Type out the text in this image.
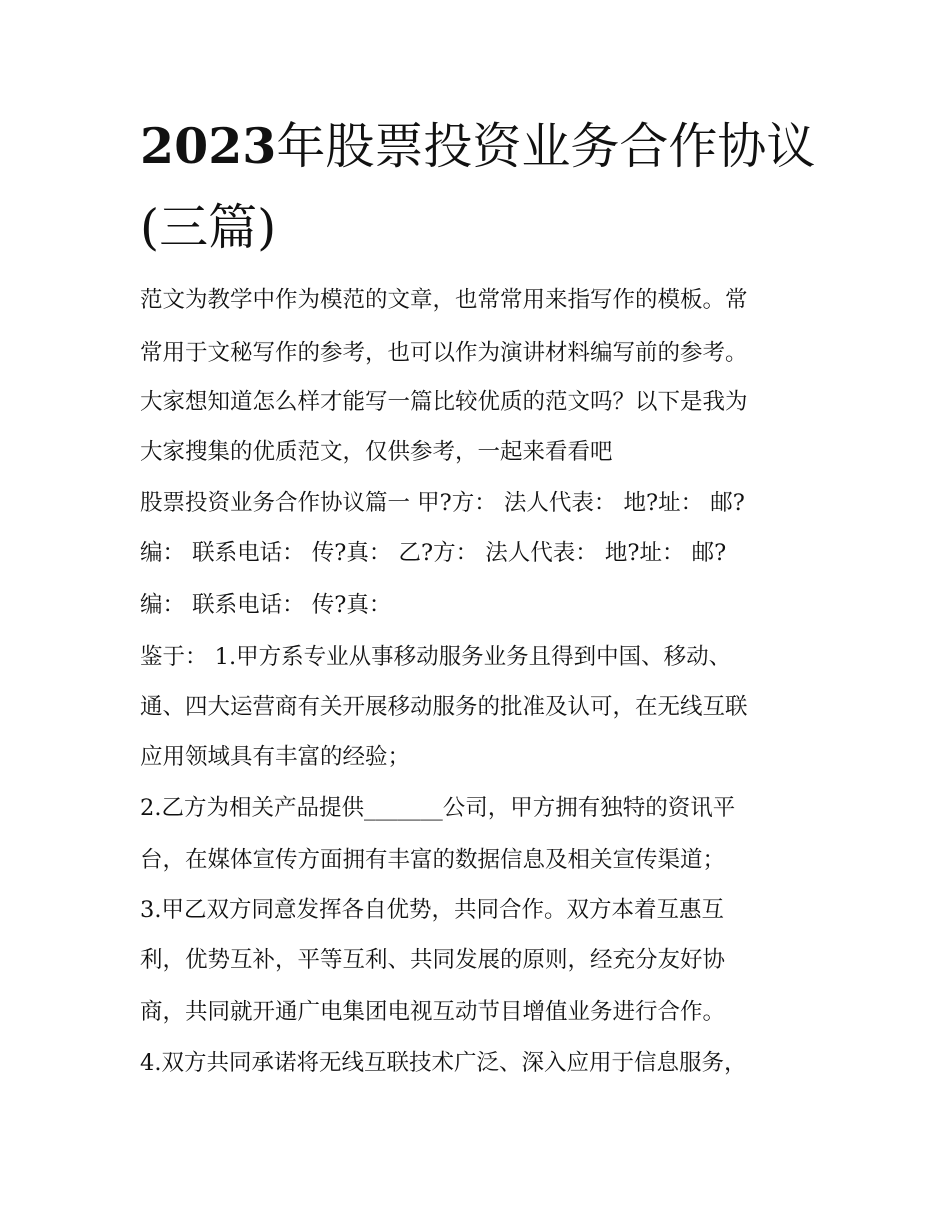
2023年股票投资业务合作协议
(三篇)

范文为教学中作为模范的文章，也常常用来指写作的模板。常

常用于文秘写作的参考，也可以作为演讲材料编写前的参考。

大家想知道怎么样才能写一篇比较优质的范文吗？以下是我为

大家搜集的优质范文，仅供参考，一起来看看吧

股票投资业务合作协议篇一 甲?方： 法人代表： 地?址： 邮?

编： 联系电话： 传?真： 乙?方： 法人代表： 地?址： 邮?

编： 联系电话： 传?真：

鉴于： 1.甲方系专业从事移动服务业务且得到中国、移动、

通、四大运营商有关开展移动服务的批准及认可，在无线互联

应用领域具有丰富的经验；

2.乙方为相关产品提供_______公司，甲方拥有独特的资讯平

台，在媒体宣传方面拥有丰富的数据信息及相关宣传渠道；

3.甲乙双方同意发挥各自优势，共同合作。双方本着互惠互

利，优势互补，平等互利、共同发展的原则，经充分友好协

商，共同就开通广电集团电视互动节目增值业务进行合作。

4.双方共同承诺将无线互联技术广泛、深入应用于信息服务，
